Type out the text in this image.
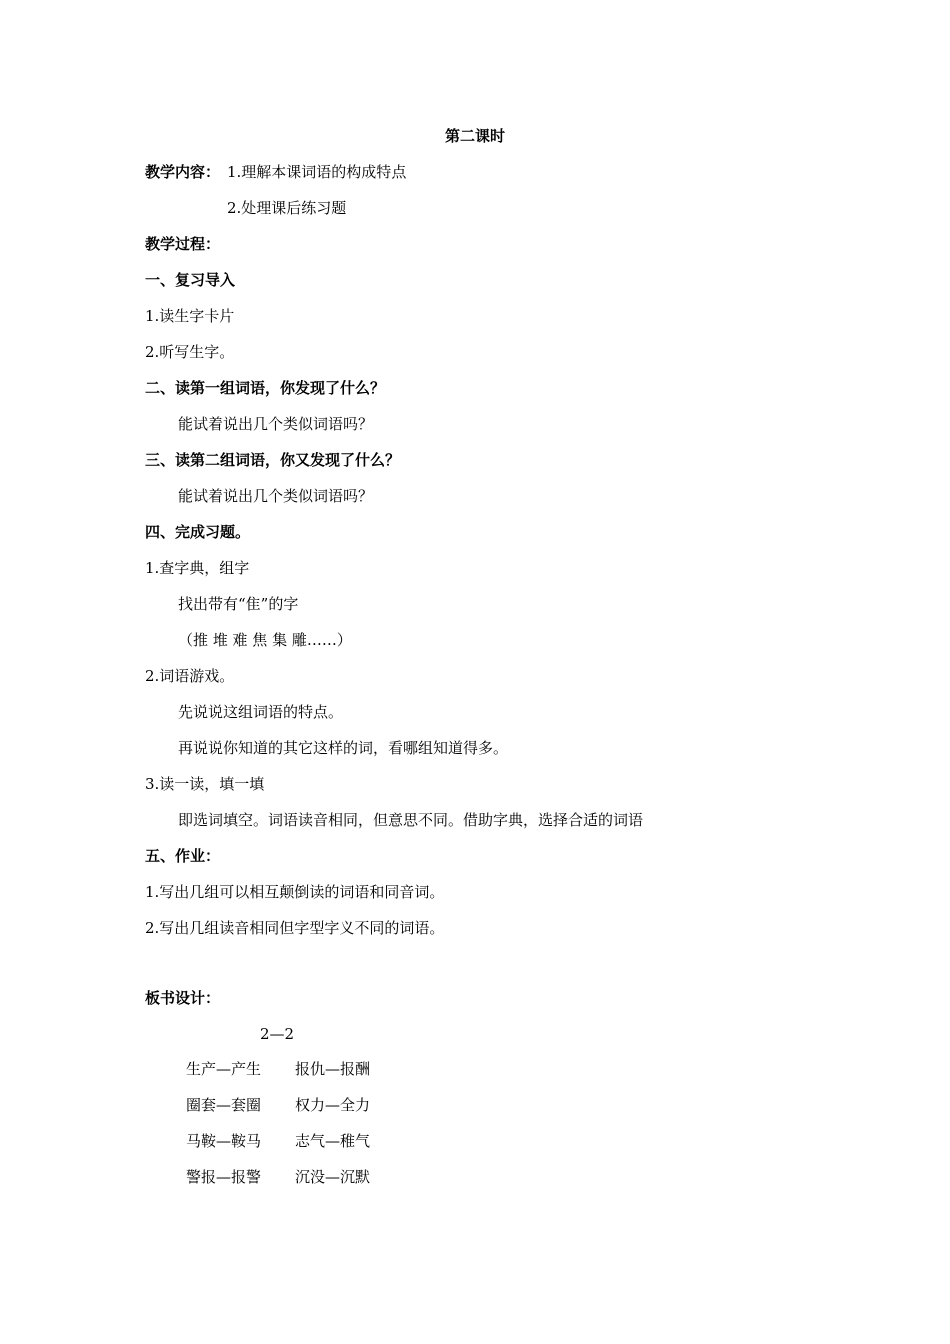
第二课时
教学内容： 1.理解本课词语的构成特点
2.处理课后练习题
教学过程：
一、复习导入
1.读生字卡片
2.听写生字。
二、读第一组词语，你发现了什么？
能试着说出几个类似词语吗？
三、读第二组词语，你又发现了什么？
能试着说出几个类似词语吗？
四、完成习题。
1.查字典，组字
找出带有“隹”的字
（推 堆 难 焦 集 雕……）
2.词语游戏。
先说说这组词语的特点。
再说说你知道的其它这样的词，看哪组知道得多。
3.读一读，填一填
即选词填空。词语读音相同，但意思不同。借助字典，选择合适的词语
五、作业：
1.写出几组可以相互颠倒读的词语和同音词。
2.写出几组读音相同但字型字义不同的词语。
板书设计：
2—2
生产—产生 报仇—报酬
圈套—套圈 权力—全力
马鞍—鞍马 志气—稚气
警报—报警 沉没—沉默
